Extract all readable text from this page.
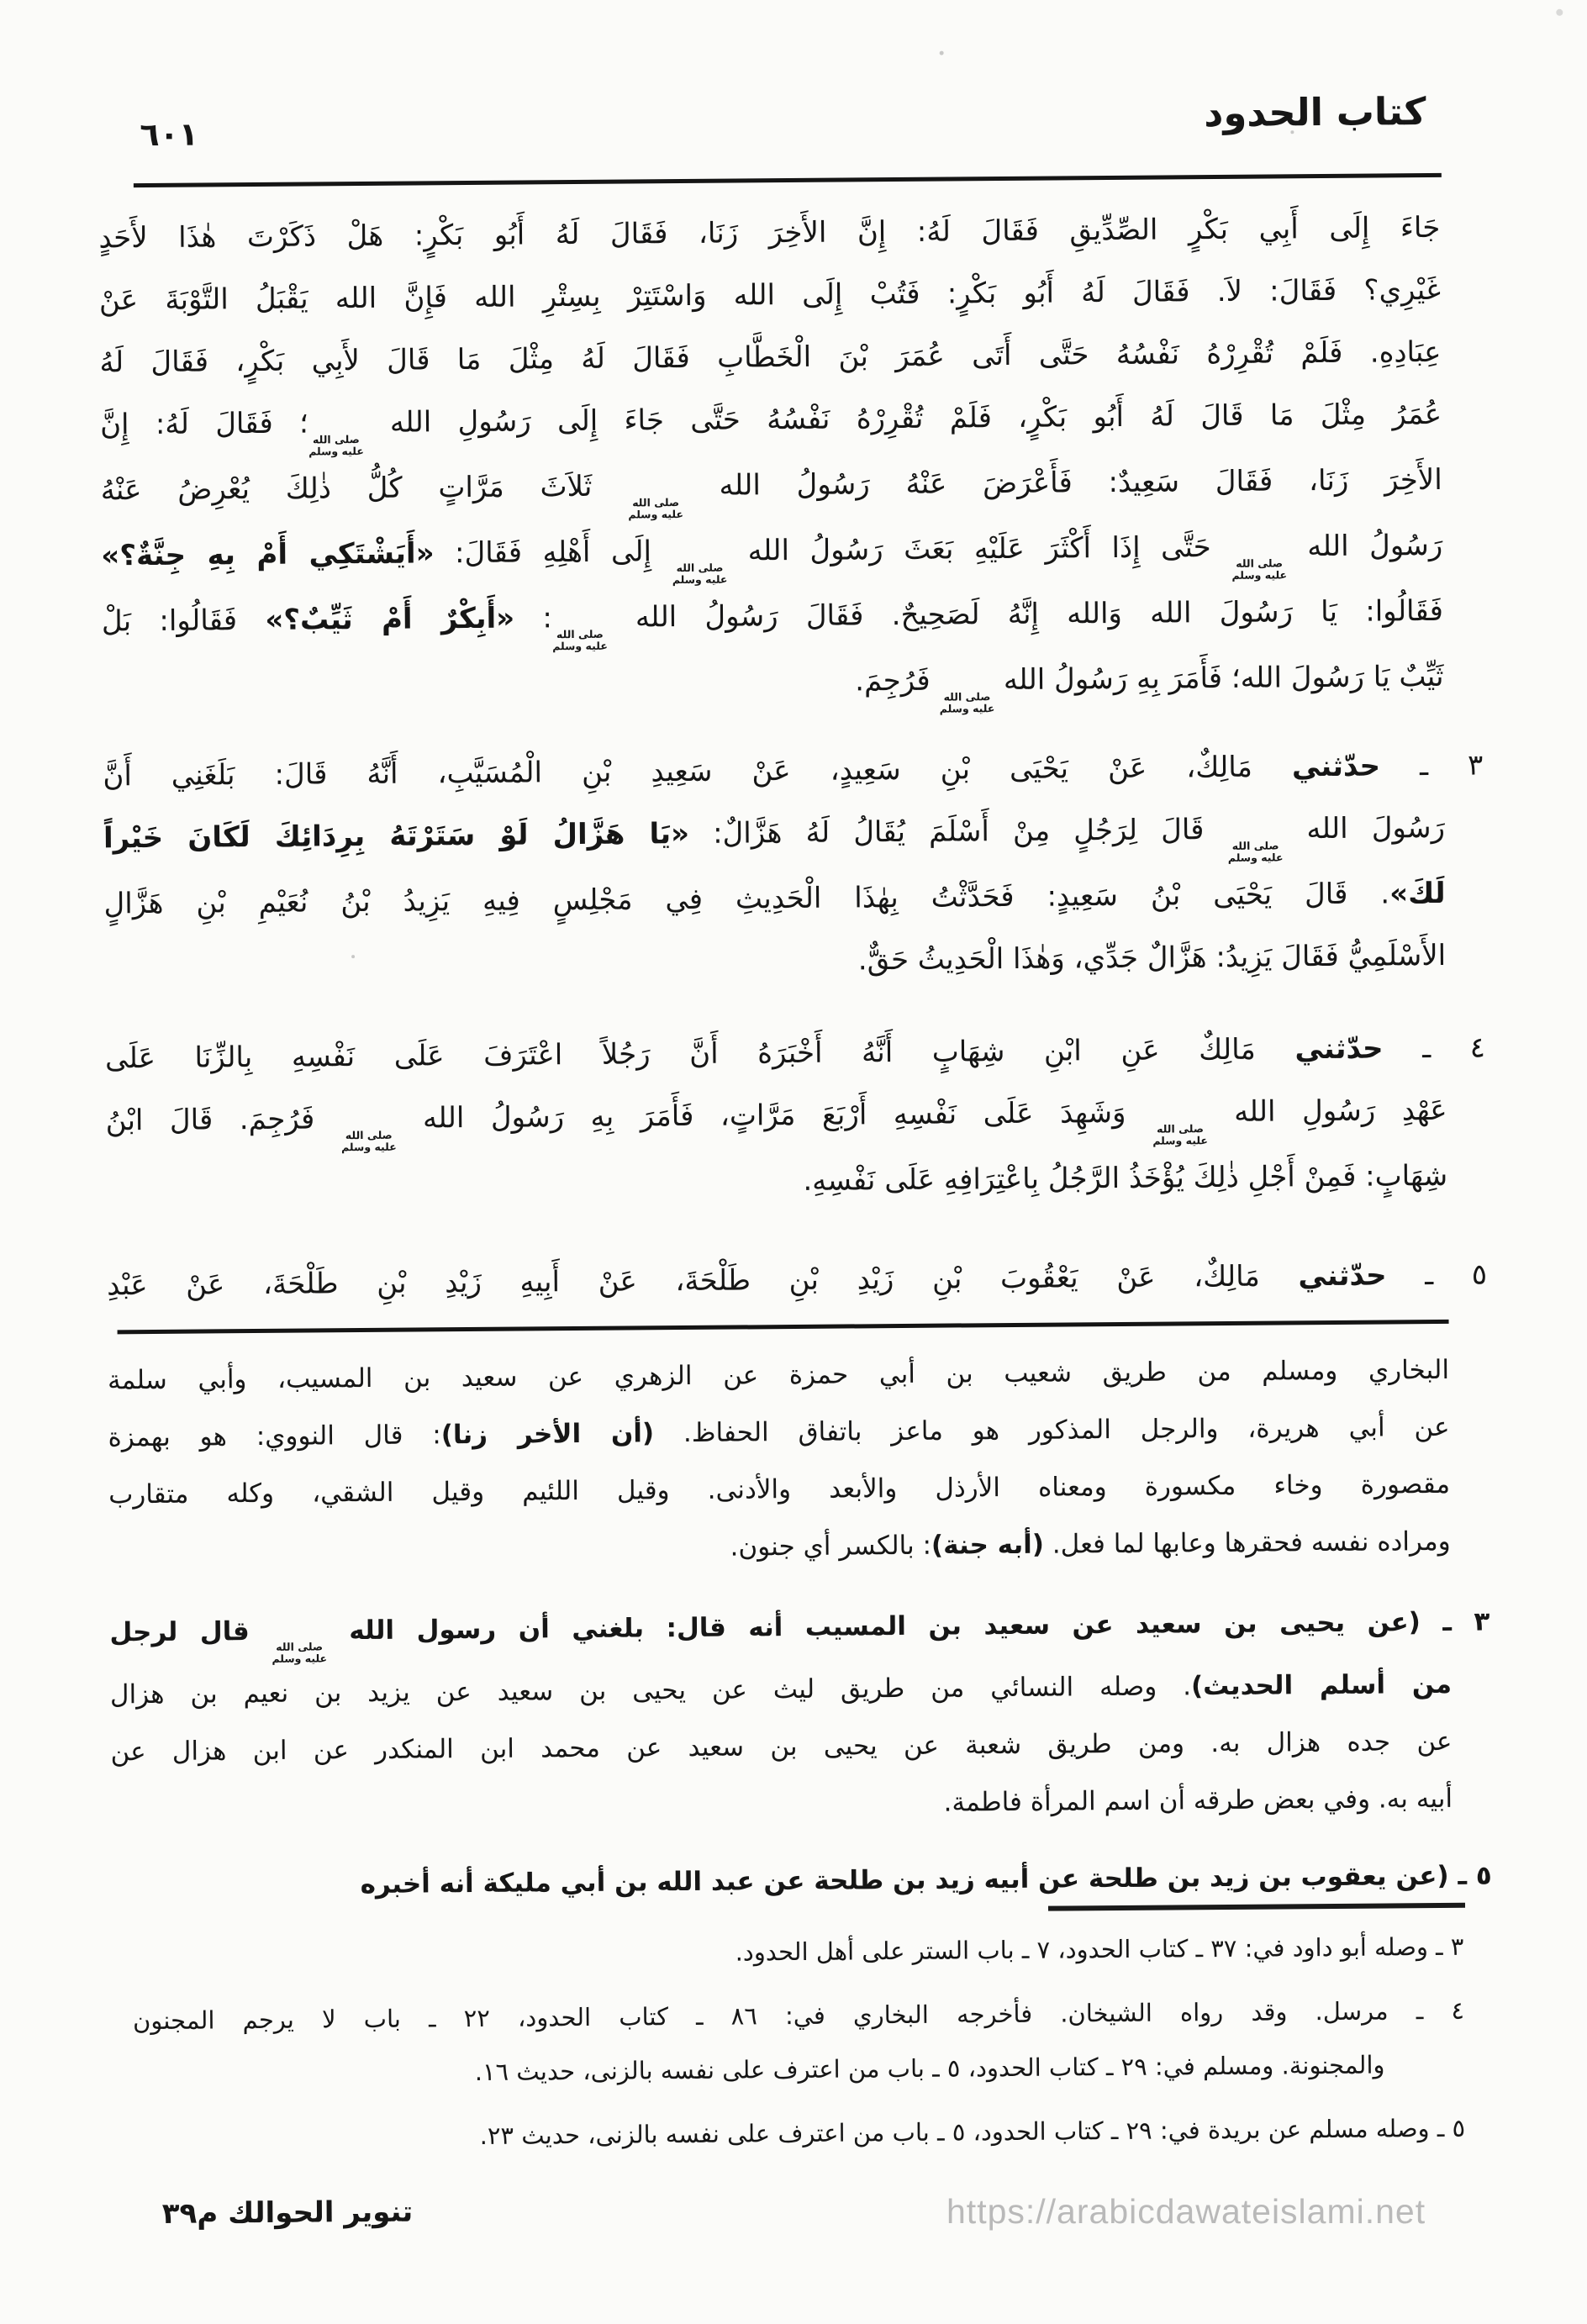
٦٠١	كتاب الحدود
جَاءَ إِلَى أَبِي بَكْرٍ الصِّدِّيقِ فَقَالَ لَهُ: إِنَّ الأَخِرَ زَنَا، فَقَالَ لَهُ أَبُو بَكْرٍ: هَلْ ذَكَرْتَ هٰذَا لأَحَدٍ
غَيْرِي؟ فَقَالَ: لاَ. فَقَالَ لَهُ أَبُو بَكْرٍ: فَتُبْ إِلَى الله وَاسْتَتِرْ بِسِتْرِ الله فَإِنَّ الله يَقْبَلُ التَّوْبَةَ عَنْ
عِبَادِهِ. فَلَمْ تُقْرِرْهُ نَفْسُهُ حَتَّى أَتَى عُمَرَ بْنَ الْخَطَّابِ فَقَالَ لَهُ مِثْلَ مَا قَالَ لأَبِي بَكْرٍ، فَقَالَ لَهُ
عُمَرُ مِثْلَ مَا قَالَ لَهُ أَبُو بَكْرٍ، فَلَمْ تُقْرِرْهُ نَفْسُهُ حَتَّى جَاءَ إِلَى رَسُولِ الله
صلى الله
عليه وسلم
؛ فَقَالَ لَهُ: إِنَّ
الأَخِرَ زَنَا، فَقَالَ سَعِيدٌ: فَأَعْرَضَ عَنْهُ رَسُولُ الله
صلى الله
عليه وسلم
ثَلاَثَ مَرَّاتٍ كُلُّ ذٰلِكَ يُعْرِضُ عَنْهُ
رَسُولُ الله
صلى الله
عليه وسلم
حَتَّى إِذَا أَكْثَرَ عَلَيْهِ بَعَثَ رَسُولُ الله
صلى الله
عليه وسلم
إِلَى أَهْلِهِ فَقَالَ: «أَيَشْتَكِي أَمْ بِهِ جِنَّةٌ؟»
فَقَالُوا: يَا رَسُولَ الله وَالله إِنَّهُ لَصَحِيحٌ. فَقَالَ رَسُولُ الله
صلى الله
عليه وسلم
: «أَبِكْرٌ أَمْ ثَيِّبٌ؟» فَقَالُوا: بَلْ
ثَيِّبٌ يَا رَسُولَ الله؛ فَأَمَرَ بِهِ رَسُولُ الله
صلى الله
عليه وسلم
فَرُجِمَ.
٣ ـ حدّثني مَالِكٌ، عَنْ يَحْيَى بْنِ سَعِيدٍ، عَنْ سَعِيدِ بْنِ الْمُسَيَّبِ، أَنَّهُ قَالَ: بَلَغَنِي أَنَّ
رَسُولَ الله
صلى الله
عليه وسلم
قَالَ لِرَجُلٍ مِنْ أَسْلَمَ يُقَالُ لَهُ هَزَّالٌ: «يَا هَزَّالُ لَوْ سَتَرْتَهُ بِرِدَائِكَ لَكَانَ خَيْراً
لَكَ». قَالَ يَحْيَى بْنُ سَعِيدٍ: فَحَدَّثْتُ بِهٰذَا الْحَدِيثِ فِي مَجْلِسٍ فِيهِ يَزِيدُ بْنُ نُعَيْمِ بْنِ هَزَّالٍ
الأَسْلَمِيُّ فَقَالَ يَزِيدُ: هَزَّالٌ جَدِّي، وَهٰذَا الْحَدِيثُ حَقٌّ.
٤ ـ حدّثني مَالِكٌ عَنِ ابْنِ شِهَابٍ أَنَّهُ أَخْبَرَهُ أَنَّ رَجُلاً اعْتَرَفَ عَلَى نَفْسِهِ بِالزِّنَا عَلَى
عَهْدِ رَسُولِ الله
صلى الله
عليه وسلم
وَشَهِدَ عَلَى نَفْسِهِ أَرْبَعَ مَرَّاتٍ، فَأَمَرَ بِهِ رَسُولُ الله
صلى الله
عليه وسلم
فَرُجِمَ. قَالَ ابْنُ
شِهَابٍ: فَمِنْ أَجْلِ ذٰلِكَ يُؤْخَذُ الرَّجُلُ بِاعْتِرَافِهِ عَلَى نَفْسِهِ.
٥ ـ حدّثني مَالِكٌ، عَنْ يَعْقُوبَ بْنِ زَيْدِ بْنِ طَلْحَةَ، عَنْ أَبِيهِ زَيْدِ بْنِ طَلْحَةَ، عَنْ عَبْدِ
البخاري ومسلم من طريق شعيب بن أبي حمزة عن الزهري عن سعيد بن المسيب، وأبي سلمة
عن أبي هريرة، والرجل المذكور هو ماعز باتفاق الحفاظ. (أن الأخر زنا): قال النووي: هو بهمزة
مقصورة وخاء مكسورة ومعناه الأرذل والأبعد والأدنى. وقيل اللئيم وقيل الشقي، وكله متقارب
ومراده نفسه فحقرها وعابها لما فعل. (أبه جنة): بالكسر أي جنون.
٣ ـ (عن يحيى بن سعيد عن سعيد بن المسيب أنه قال: بلغني أن رسول الله
صلى الله
عليه وسلم
قال لرجل
من أسلم الحديث). وصله النسائي من طريق ليث عن يحيى بن سعيد عن يزيد بن نعيم بن هزال
عن جده هزال به. ومن طريق شعبة عن يحيى بن سعيد عن محمد ابن المنكدر عن ابن هزال عن
أبيه به. وفي بعض طرقه أن اسم المرأة فاطمة.
٥ ـ (عن يعقوب بن زيد بن طلحة عن أبيه زيد بن طلحة عن عبد الله بن أبي مليكة أنه أخبره
٣ ـ وصله أبو داود في: ٣٧ ـ كتاب الحدود، ٧ ـ باب الستر على أهل الحدود.
٤ ـ مرسل. وقد رواه الشيخان. فأخرجه البخاري في: ٨٦ ـ كتاب الحدود، ٢٢ ـ باب لا يرجم المجنون
والمجنونة. ومسلم في: ٢٩ ـ كتاب الحدود، ٥ ـ باب من اعترف على نفسه بالزنى، حديث ١٦.
٥ ـ وصله مسلم عن بريدة في: ٢٩ ـ كتاب الحدود، ٥ ـ باب من اعترف على نفسه بالزنى، حديث ٢٣.
تنوير الحوالك م٣٩	https://arabicdawateislami.net
